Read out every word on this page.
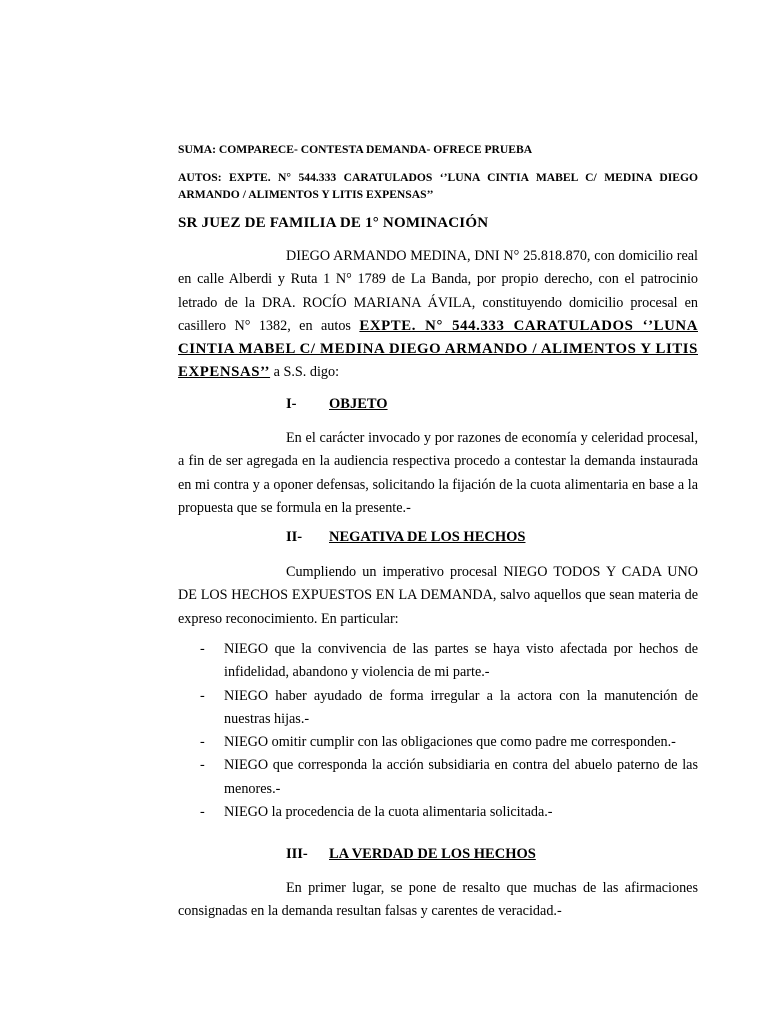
SUMA: COMPARECE- CONTESTA DEMANDA- OFRECE PRUEBA
AUTOS: EXPTE. N° 544.333 CARATULADOS ‘’LUNA CINTIA MABEL C/ MEDINA DIEGO ARMANDO / ALIMENTOS Y LITIS EXPENSAS’’
SR JUEZ DE FAMILIA DE 1° NOMINACIÓN
DIEGO ARMANDO MEDINA, DNI N° 25.818.870, con domicilio real en calle Alberdi y Ruta 1 N° 1789 de La Banda, por propio derecho, con el patrocinio letrado de la DRA. ROCÍO MARIANA ÁVILA, constituyendo domicilio procesal en casillero N° 1382, en autos EXPTE. N° 544.333 CARATULADOS ‘’LUNA CINTIA MABEL C/ MEDINA DIEGO ARMANDO / ALIMENTOS Y LITIS EXPENSAS’’ a S.S. digo:
I- OBJETO
En el carácter invocado y por razones de economía y celeridad procesal, a fin de ser agregada en la audiencia respectiva procedo a contestar la demanda instaurada en mi contra y a oponer defensas, solicitando la fijación de la cuota alimentaria en base a la propuesta que se formula en la presente.-
II- NEGATIVA DE LOS HECHOS
Cumpliendo un imperativo procesal NIEGO TODOS Y CADA UNO DE LOS HECHOS EXPUESTOS EN LA DEMANDA, salvo aquellos que sean materia de expreso reconocimiento. En particular:
- NIEGO que la convivencia de las partes se haya visto afectada por hechos de infidelidad, abandono y violencia de mi parte.-
- NIEGO haber ayudado de forma irregular a la actora con la manutención de nuestras hijas.-
- NIEGO omitir cumplir con las obligaciones que como padre me corresponden.-
- NIEGO que corresponda la acción subsidiaria en contra del abuelo paterno de las menores.-
- NIEGO la procedencia de la cuota alimentaria solicitada.-
III- LA VERDAD DE LOS HECHOS
En primer lugar, se pone de resalto que muchas de las afirmaciones consignadas en la demanda resultan falsas y carentes de veracidad.-
